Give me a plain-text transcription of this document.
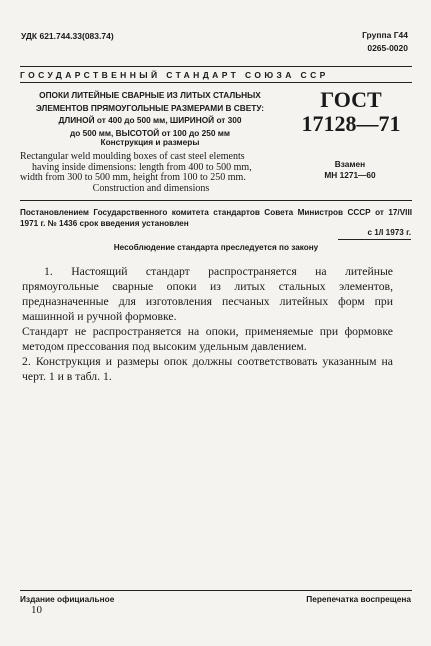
УДК 621.744.33(083.74)	Группа Г44
0265-0020
ГОСУДАРСТВЕННЫЙ СТАНДАРТ СОЮЗА ССР
ОПОКИ ЛИТЕЙНЫЕ СВАРНЫЕ ИЗ ЛИТЫХ СТАЛЬНЫХ
ЭЛЕМЕНТОВ ПРЯМОУГОЛЬНЫЕ РАЗМЕРАМИ В СВЕТУ:
ДЛИНОЙ от 400 до 500 мм, ШИРИНОЙ от 300
до 500 мм, ВЫСОТОЙ от 100 до 250 мм
Конструкция и размеры
ГОСТ
17128—71
Rectangular weld moulding boxes of cast steel elements
having inside dimensions: length from 400 to 500 mm,
width from 300 to 500 mm, height from 100 to 250 mm.
Construction and dimensions
Взамен
МН 1271—60
Постановлением Государственного комитета стандартов Совета Министров СССР от 17/VIII 1971 г. № 1436 срок введения установлен
с 1/I 1973 г.
Несоблюдение стандарта преследуется по закону

1. Настоящий стандарт распространяется на литейные прямоугольные сварные опоки из литых стальных элементов, предназначенные для изготовления песчаных литейных форм при машинной и ручной формовке.

Стандарт не распространяется на опоки, применяемые при формовке методом прессования под высоким удельным давлением.

2. Конструкция и размеры опок должны соответствовать указанным на черт. 1 и в табл. 1.

Издание официальное	Перепечатка воспрещена
10
